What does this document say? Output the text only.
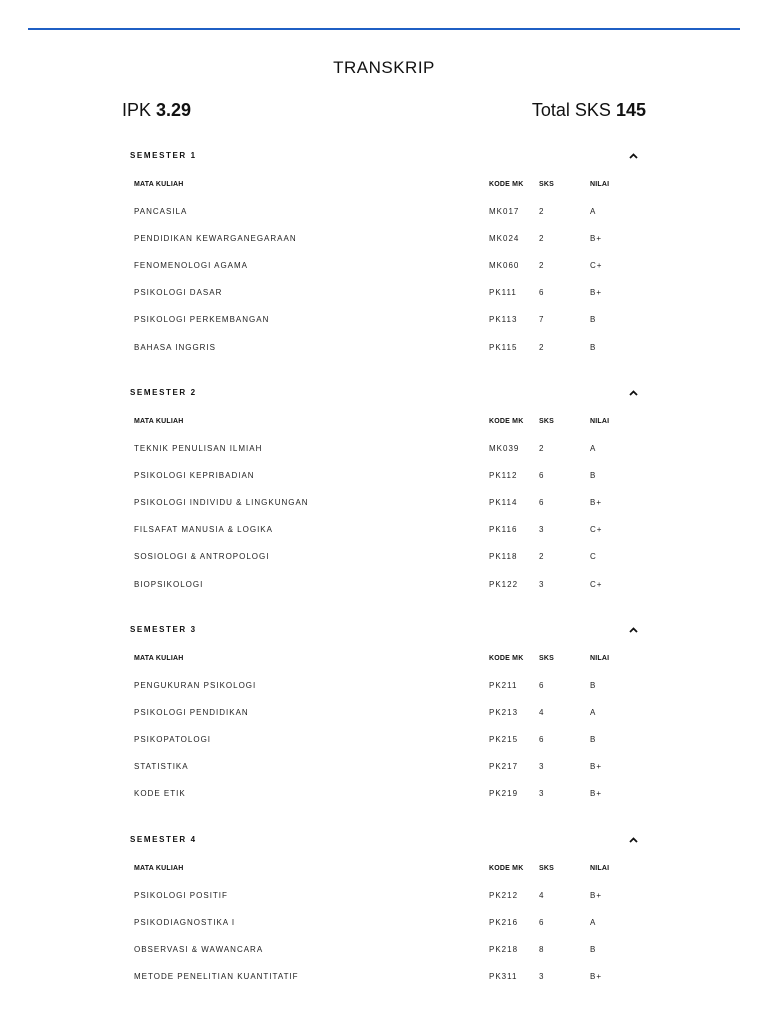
TRANSKRIP
IPK 3.29	Total SKS 145
SEMESTER 1
MATA KULIAH	KODE MK SKS	NILAI
PANCASILA	MK017 2	A
PENDIDIKAN KEWARGANEGARAAN	MK024 2	B+
FENOMENOLOGI AGAMA	MK060 2	C+
PSIKOLOGI DASAR	PK111	6	B+
PSIKOLOGI PERKEMBANGAN	PK113	7	B
BAHASA INGGRIS	PK115	2	B
SEMESTER 2
MATA KULIAH	KODE MK SKS	NILAI
TEKNIK PENULISAN ILMIAH	MK039 2	A
PSIKOLOGI KEPRIBADIAN	PK112	6	B
PSIKOLOGI INDIVIDU & LINGKUNGAN	PK114	6	B+
FILSAFAT MANUSIA & LOGIKA	PK116	3	C+
SOSIOLOGI & ANTROPOLOGI	PK118	2	C
BIOPSIKOLOGI	PK122	3	C+
SEMESTER 3
MATA KULIAH	KODE MK SKS	NILAI
PENGUKURAN PSIKOLOGI	PK211	6	B
PSIKOLOGI PENDIDIKAN	PK213	4	A
PSIKOPATOLOGI	PK215	6	B
STATISTIKA	PK217	3	B+
KODE ETIK	PK219	3	B+
SEMESTER 4
MATA KULIAH	KODE MK SKS	NILAI
PSIKOLOGI POSITIF	PK212	4	B+
PSIKODIAGNOSTIKA I	PK216	6	A
OBSERVASI & WAWANCARA	PK218	8	B
METODE PENELITIAN KUANTITATIF	PK311	3	B+
